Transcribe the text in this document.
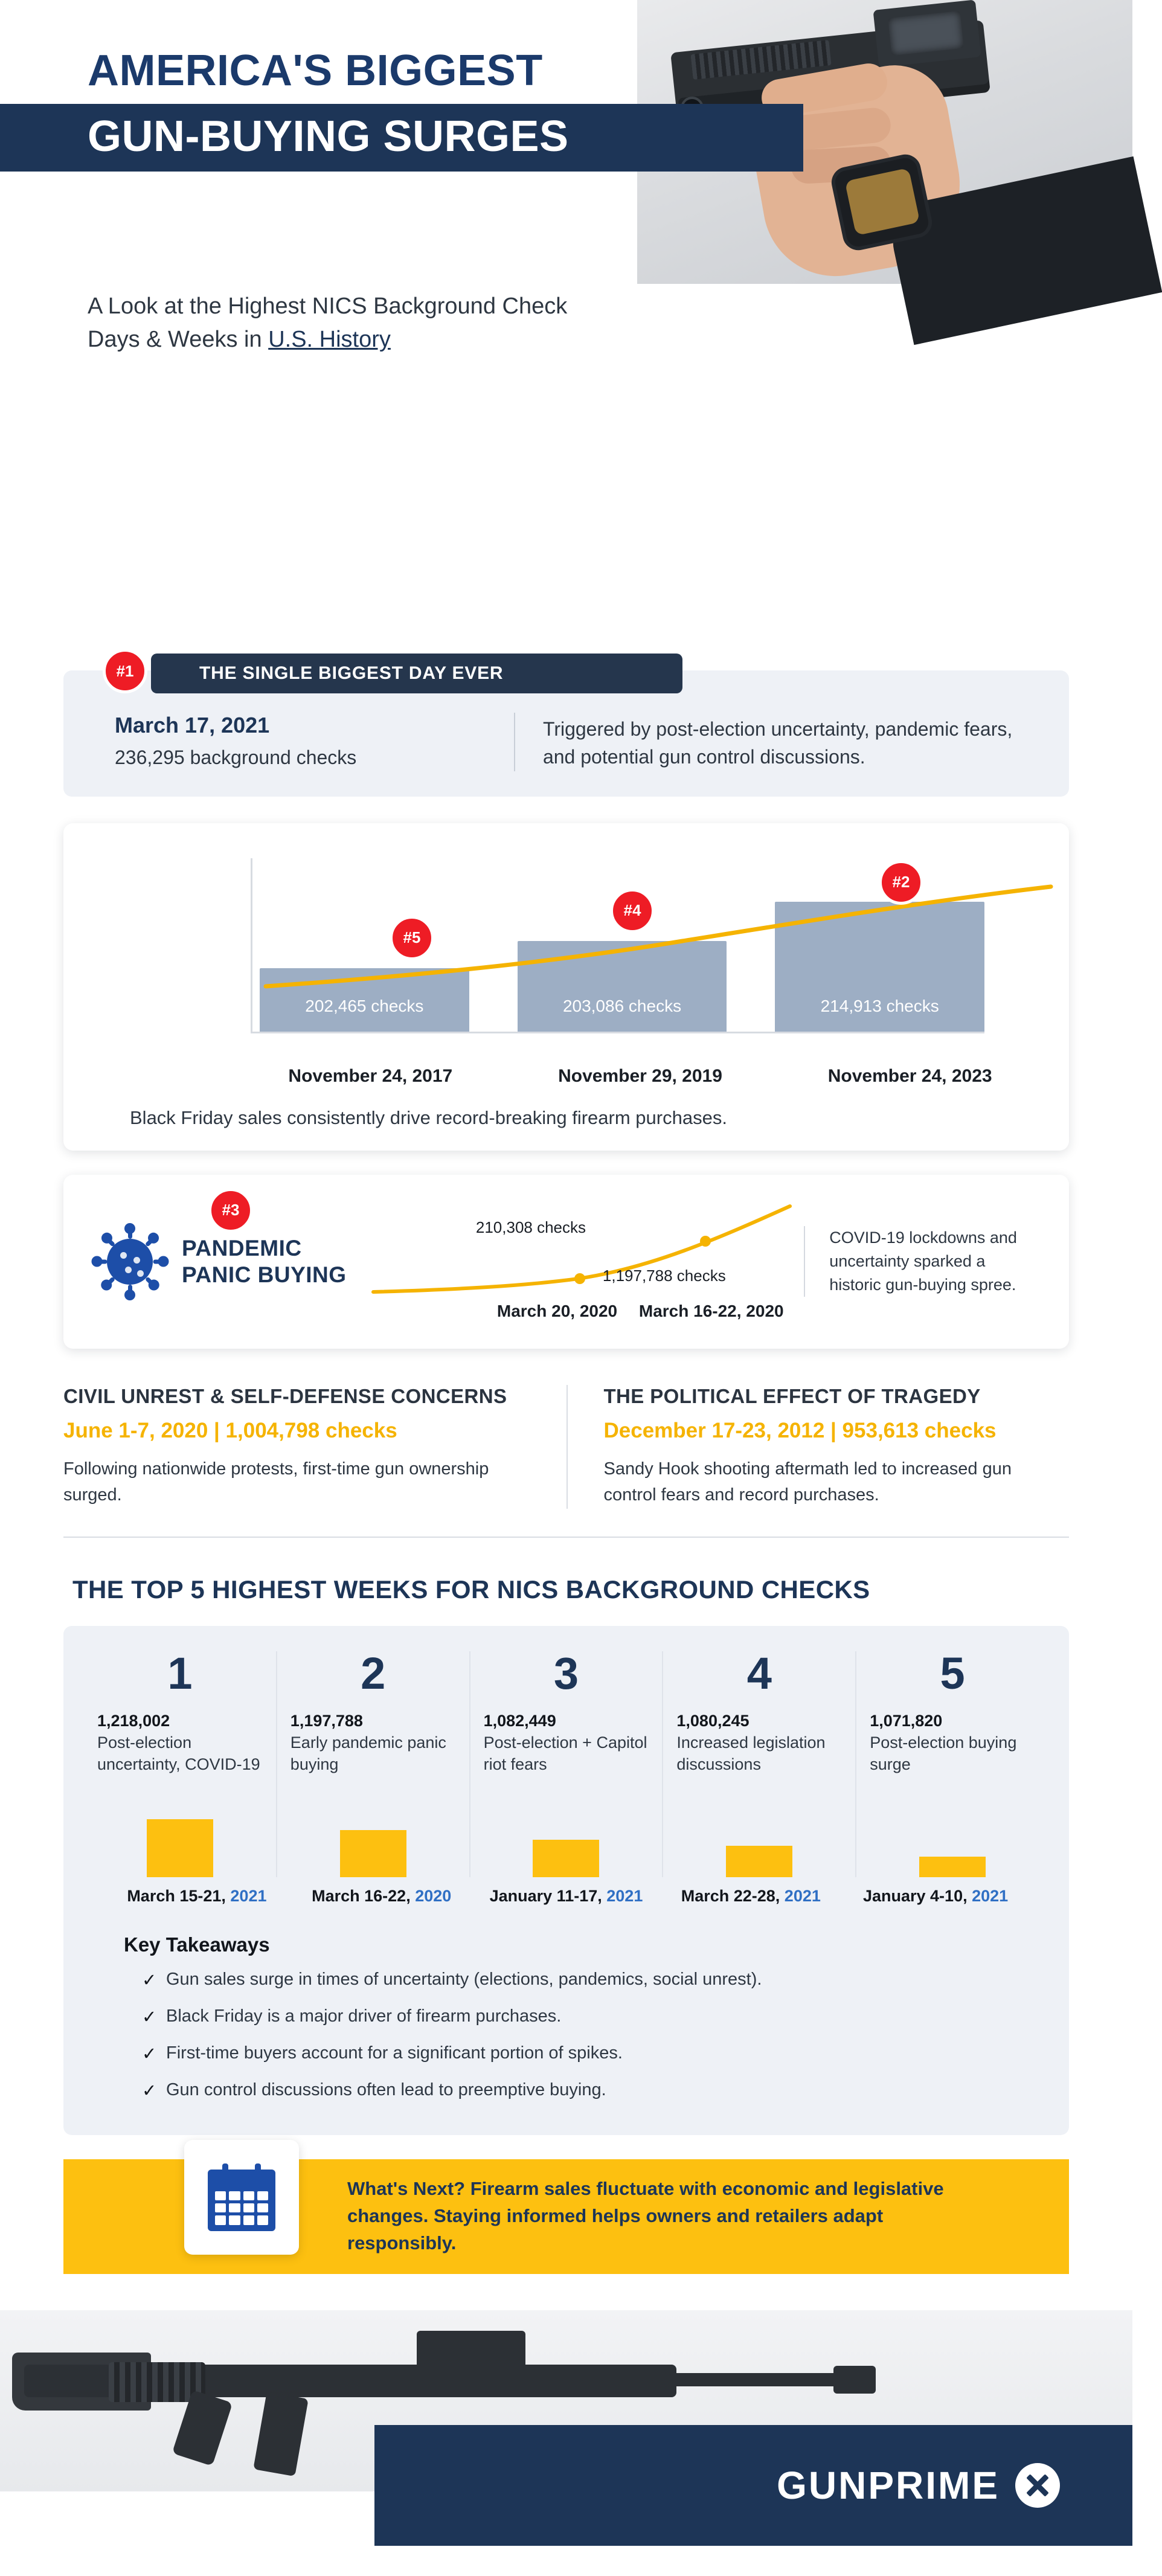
AMERICA'S BIGGEST
GUN-BUYING SURGES
A Look at the Highest NICS Background Check
Days & Weeks in U.S. History
#1	THE SINGLE BIGGEST DAY EVER
March 17, 2021
236,295 background checks
Triggered by post-election uncertainty, pandemic fears, and potential gun control discussions.
202,465 checks	203,086 checks	214,913 checks
#5
#4
#2
November 24, 2017	November 29, 2019	November 24, 2023
Black Friday sales consistently drive record-breaking firearm purchases.
#3
PANDEMIC
PANIC BUYING
210,308 checks
1,197,788 checks
March 20, 2020 March 16-22, 2020
COVID-19 lockdowns and uncertainty sparked a historic gun-buying spree.
CIVIL UNREST & SELF-DEFENSE CONCERNS
June 1-7, 2020 | 1,004,798 checks
Following nationwide protests, first-time gun ownership surged.
THE POLITICAL EFFECT OF TRAGEDY
December 17-23, 2012 | 953,613 checks
Sandy Hook shooting aftermath led to increased gun control fears and record purchases.
THE TOP 5 HIGHEST WEEKS FOR NICS BACKGROUND CHECKS
1
1,218,002
Post-election uncertainty, COVID-19
2
1,197,788
Early pandemic panic buying
3
1,082,449
Post-election + Capitol riot fears
4
1,080,245
Increased legislation discussions
5
1,071,820
Post-election buying surge
March 15-21, 2021	March 16-22, 2020	January 11-17, 2021	March 22-28, 2021	January 4-10, 2021
Key Takeaways
✓ Gun sales surge in times of uncertainty (elections, pandemics, social unrest).
✓ Black Friday is a major driver of firearm purchases.
✓ First-time buyers account for a significant portion of spikes.
✓ Gun control discussions often lead to preemptive buying.
What's Next? Firearm sales fluctuate with economic and legislative changes. Staying informed helps owners and retailers adapt responsibly.
GUNPRIME
